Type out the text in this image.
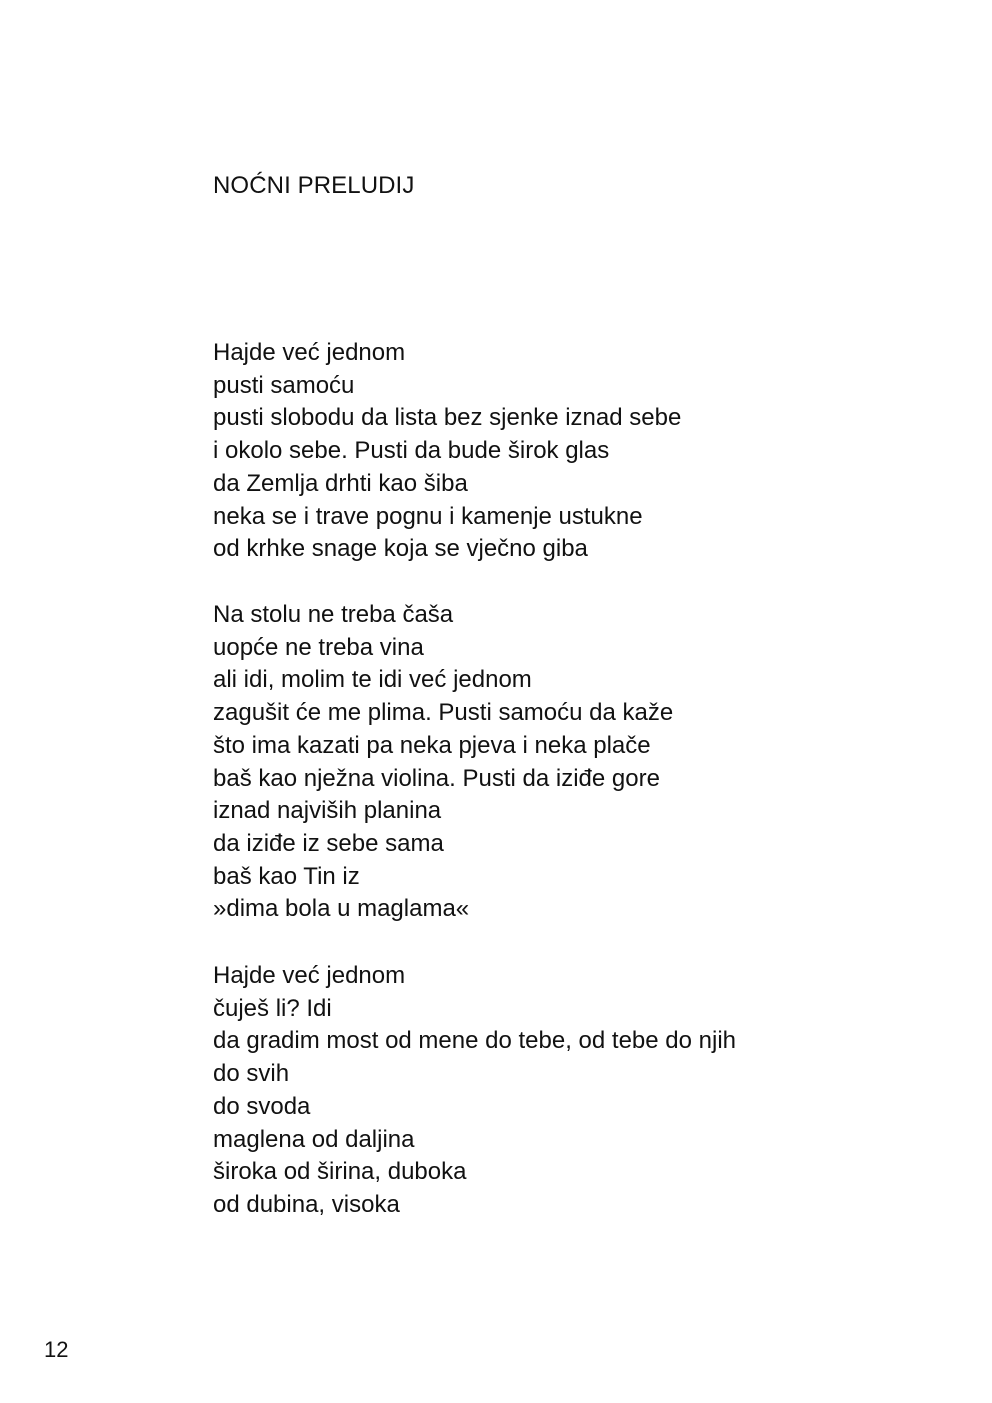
NOĆNI PRELUDIJ
Hajde već jednom
pusti samoću
pusti slobodu da lista bez sjenke iznad sebe
i okolo sebe. Pusti da bude širok glas
da Zemlja drhti kao šiba
neka se i trave pognu i kamenje ustukne
od krhke snage koja se vječno giba
Na stolu ne treba čaša
uopće ne treba vina
ali idi, molim te idi već jednom
zagušit će me plima. Pusti samoću da kaže
što ima kazati pa neka pjeva i neka plače
baš kao nježna violina. Pusti da iziđe gore
iznad najviših planina
da iziđe iz sebe sama
baš kao Tin iz
»dima bola u maglama«
Hajde već jednom
čuješ li? Idi
da gradim most od mene do tebe, od tebe do njih
do svih
do svoda
maglena od daljina
široka od širina, duboka
od dubina, visoka
12
